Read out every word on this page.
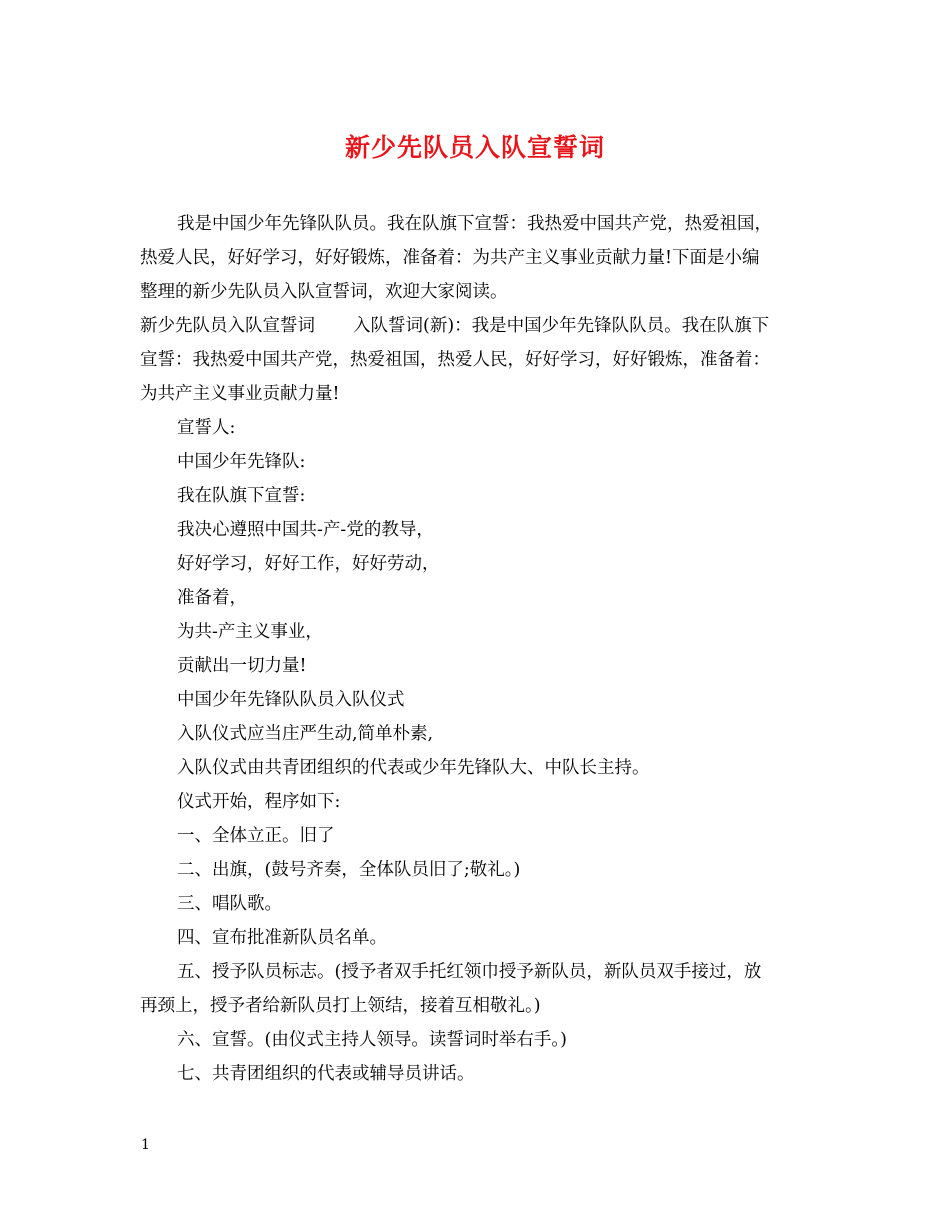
新少先队员入队宣誓词

我是中国少年先锋队队员。我在队旗下宣誓：我热爱中国共产党，热爱祖国，

热爱人民，好好学习，好好锻炼，准备着：为共产主义事业贡献力量!下面是小编

整理的新少先队员入队宣誓词，欢迎大家阅读。

新少先队员入队宣誓词 入队誓词(新)：我是中国少年先锋队队员。我在队旗下

宣誓：我热爱中国共产党，热爱祖国，热爱人民，好好学习，好好锻炼，准备着：

为共产主义事业贡献力量!

宣誓人:

中国少年先锋队:

我在队旗下宣誓:

我决心遵照中国共-产-党的教导，

好好学习，好好工作，好好劳动，

准备着，

为共-产主义事业，

贡献出一切力量!

中国少年先锋队队员入队仪式

入队仪式应当庄严生动,简单朴素,

入队仪式由共青团组织的代表或少年先锋队大、中队长主持。

仪式开始，程序如下:

一、全体立正。旧了

二、出旗，(鼓号齐奏，全体队员旧了;敬礼。)

三、唱队歌。

四、宣布批准新队员名单。

五、授予队员标志。(授予者双手托红领巾授予新队员，新队员双手接过，放

再颈上，授予者给新队员打上领结，接着互相敬礼。)

六、宣誓。(由仪式主持人领导。读誓词时举右手。)

七、共青团组织的代表或辅导员讲话。

1
